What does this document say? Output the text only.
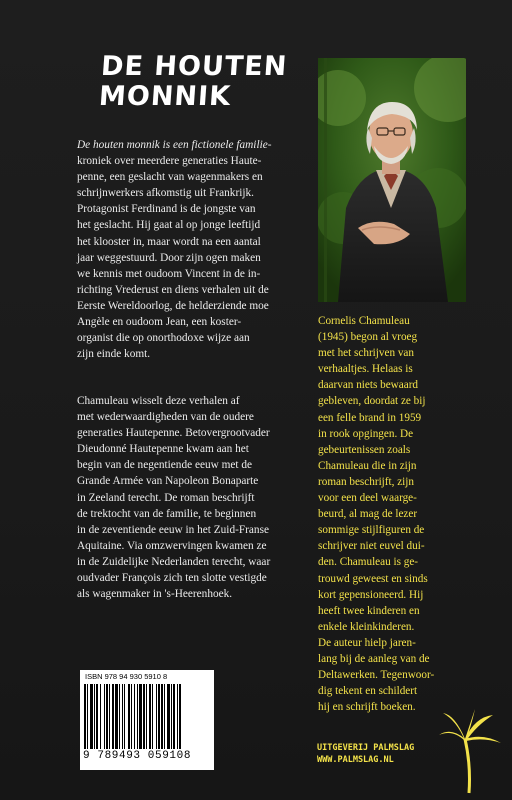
DE HOUTEN
MONNIK
De houten monnik is een fictionele familie-
kroniek over meerdere generaties Haute-
penne, een geslacht van wagenmakers en
schrijnwerkers afkomstig uit Frankrijk.
Protagonist Ferdinand is de jongste van
het geslacht. Hij gaat al op jonge leeftijd
het klooster in, maar wordt na een aantal
jaar weggestuurd. Door zijn ogen maken
we kennis met oudoom Vincent in de in-
richting Vrederust en diens verhalen uit de
Eerste Wereldoorlog, de helderziende moe
Angèle en oudoom Jean, een koster-
organist die op onorthodoxe wijze aan
zijn einde komt.
Chamuleau wisselt deze verhalen af
met wederwaardigheden van de oudere
generaties Hautepenne. Betovergrootvader
Dieudonné Hautepenne kwam aan het
begin van de negentiende eeuw met de
Grande Armée van Napoleon Bonaparte
in Zeeland terecht. De roman beschrijft
de trektocht van de familie, te beginnen
in de zeventiende eeuw in het Zuid-Franse
Aquitaine. Via omzwervingen kwamen ze
in de Zuidelijke Nederlanden terecht, waar
oudvader François zich ten slotte vestigde
als wagenmaker in 's-Heerenhoek.
Cornelis Chamuleau
(1945) begon al vroeg
met het schrijven van
verhaaltjes. Helaas is
daarvan niets bewaard
gebleven, doordat ze bij
een felle brand in 1959
in rook opgingen. De
gebeurtenissen zoals
Chamuleau die in zijn
roman beschrijft, zijn
voor een deel waarge-
beurd, al mag de lezer
sommige stijlfiguren de
schrijver niet euvel dui-
den. Chamuleau is ge-
trouwd geweest en sinds
kort gepensioneerd. Hij
heeft twee kinderen en
enkele kleinkinderen.
De auteur hielp jaren-
lang bij de aanleg van de
Deltawerken. Tegenwoor-
dig tekent en schildert
hij en schrijft boeken.
ISBN 978 94 930 5910 8
9 789493 059108
UITGEVERIJ PALMSLAG
WWW.PALMSLAG.NL
